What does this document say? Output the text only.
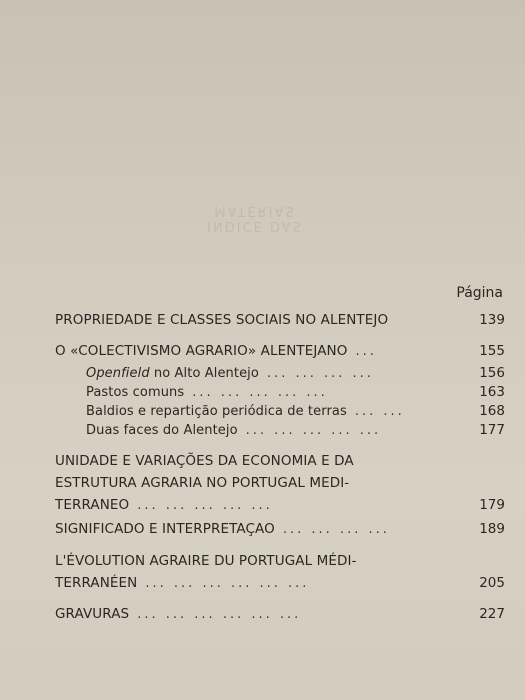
ÍNDICE DAS MATÉRIAS
Página
PROPRIEDADE E CLASSES SOCIAIS NO ALENTEJO	139
O «COLECTIVISMO AGRARIO» ALENTEJANO ...	155
Openfield no Alto Alentejo ... ... ... ...	156
Pastos comuns ... ... ... ... ...	163
Baldios e repartição periódica de terras ... ...	168
Duas faces do Alentejo ... ... ... ... ...	177
UNIDADE E VARIAÇÕES DA ECONOMIA E DA
ESTRUTURA AGRARIA NO PORTUGAL MEDI-
TERRANEO ... ... ... ... ...	179
SIGNIFICADO E INTERPRETAÇAO ... ... ... ...	189
L'ÉVOLUTION AGRAIRE DU PORTUGAL MÉDI-
TERRANÉEN ... ... ... ... ... ...	205
GRAVURAS ... ... ... ... ... ...	227
